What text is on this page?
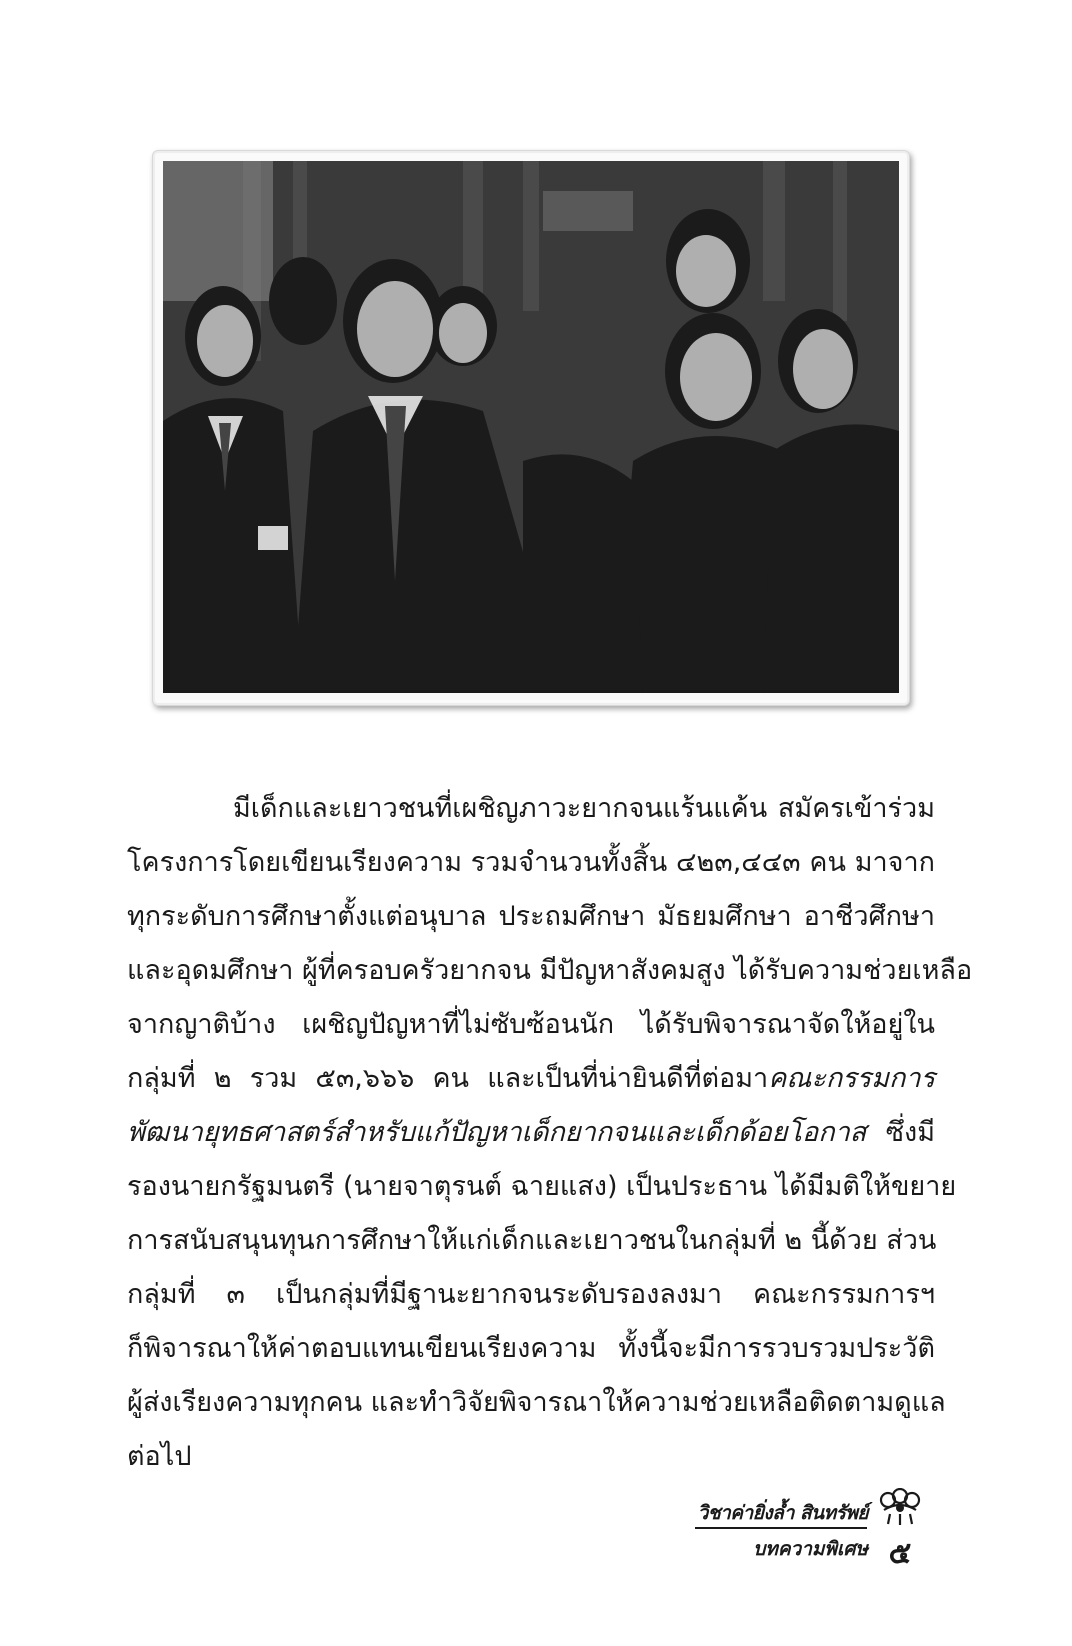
มีเด็กและเยาวชนที่เผชิญภาวะยากจนแร้นแค้น สมัครเข้าร่วม
โครงการโดยเขียนเรียงความ รวมจำนวนทั้งสิ้น ๔๒๓,๔๔๓ คน มาจาก
ทุกระดับการศึกษาตั้งแต่อนุบาล ประถมศึกษา มัธยมศึกษา อาชีวศึกษา
และอุดมศึกษา ผู้ที่ครอบครัวยากจน มีปัญหาสังคมสูง ได้รับความช่วยเหลือ
จากญาติบ้าง เผชิญปัญหาที่ไม่ซับซ้อนนัก ได้รับพิจารณาจัดให้อยู่ใน
กลุ่มที่ ๒ รวม ๕๓,๖๖๖ คน และเป็นที่น่ายินดีที่ต่อมาคณะกรรมการ
พัฒนายุทธศาสตร์สำหรับแก้ปัญหาเด็กยากจนและเด็กด้อยโอกาส ซึ่งมี
รองนายกรัฐมนตรี (นายจาตุรนต์ ฉายแสง) เป็นประธาน ได้มีมติให้ขยาย
การสนับสนุนทุนการศึกษาให้แก่เด็กและเยาวชนในกลุ่มที่ ๒ นี้ด้วย ส่วน
กลุ่มที่ ๓ เป็นกลุ่มที่มีฐานะยากจนระดับรองลงมา คณะกรรมการฯ
ก็พิจารณาให้ค่าตอบแทนเขียนเรียงความ ทั้งนี้จะมีการรวบรวมประวัติ
ผู้ส่งเรียงความทุกคน และทำวิจัยพิจารณาให้ความช่วยเหลือติดตามดูแล
ต่อไป
วิชาค่ายิ่งล้ำ สินทรัพย์
บทความพิเศษ ๕
